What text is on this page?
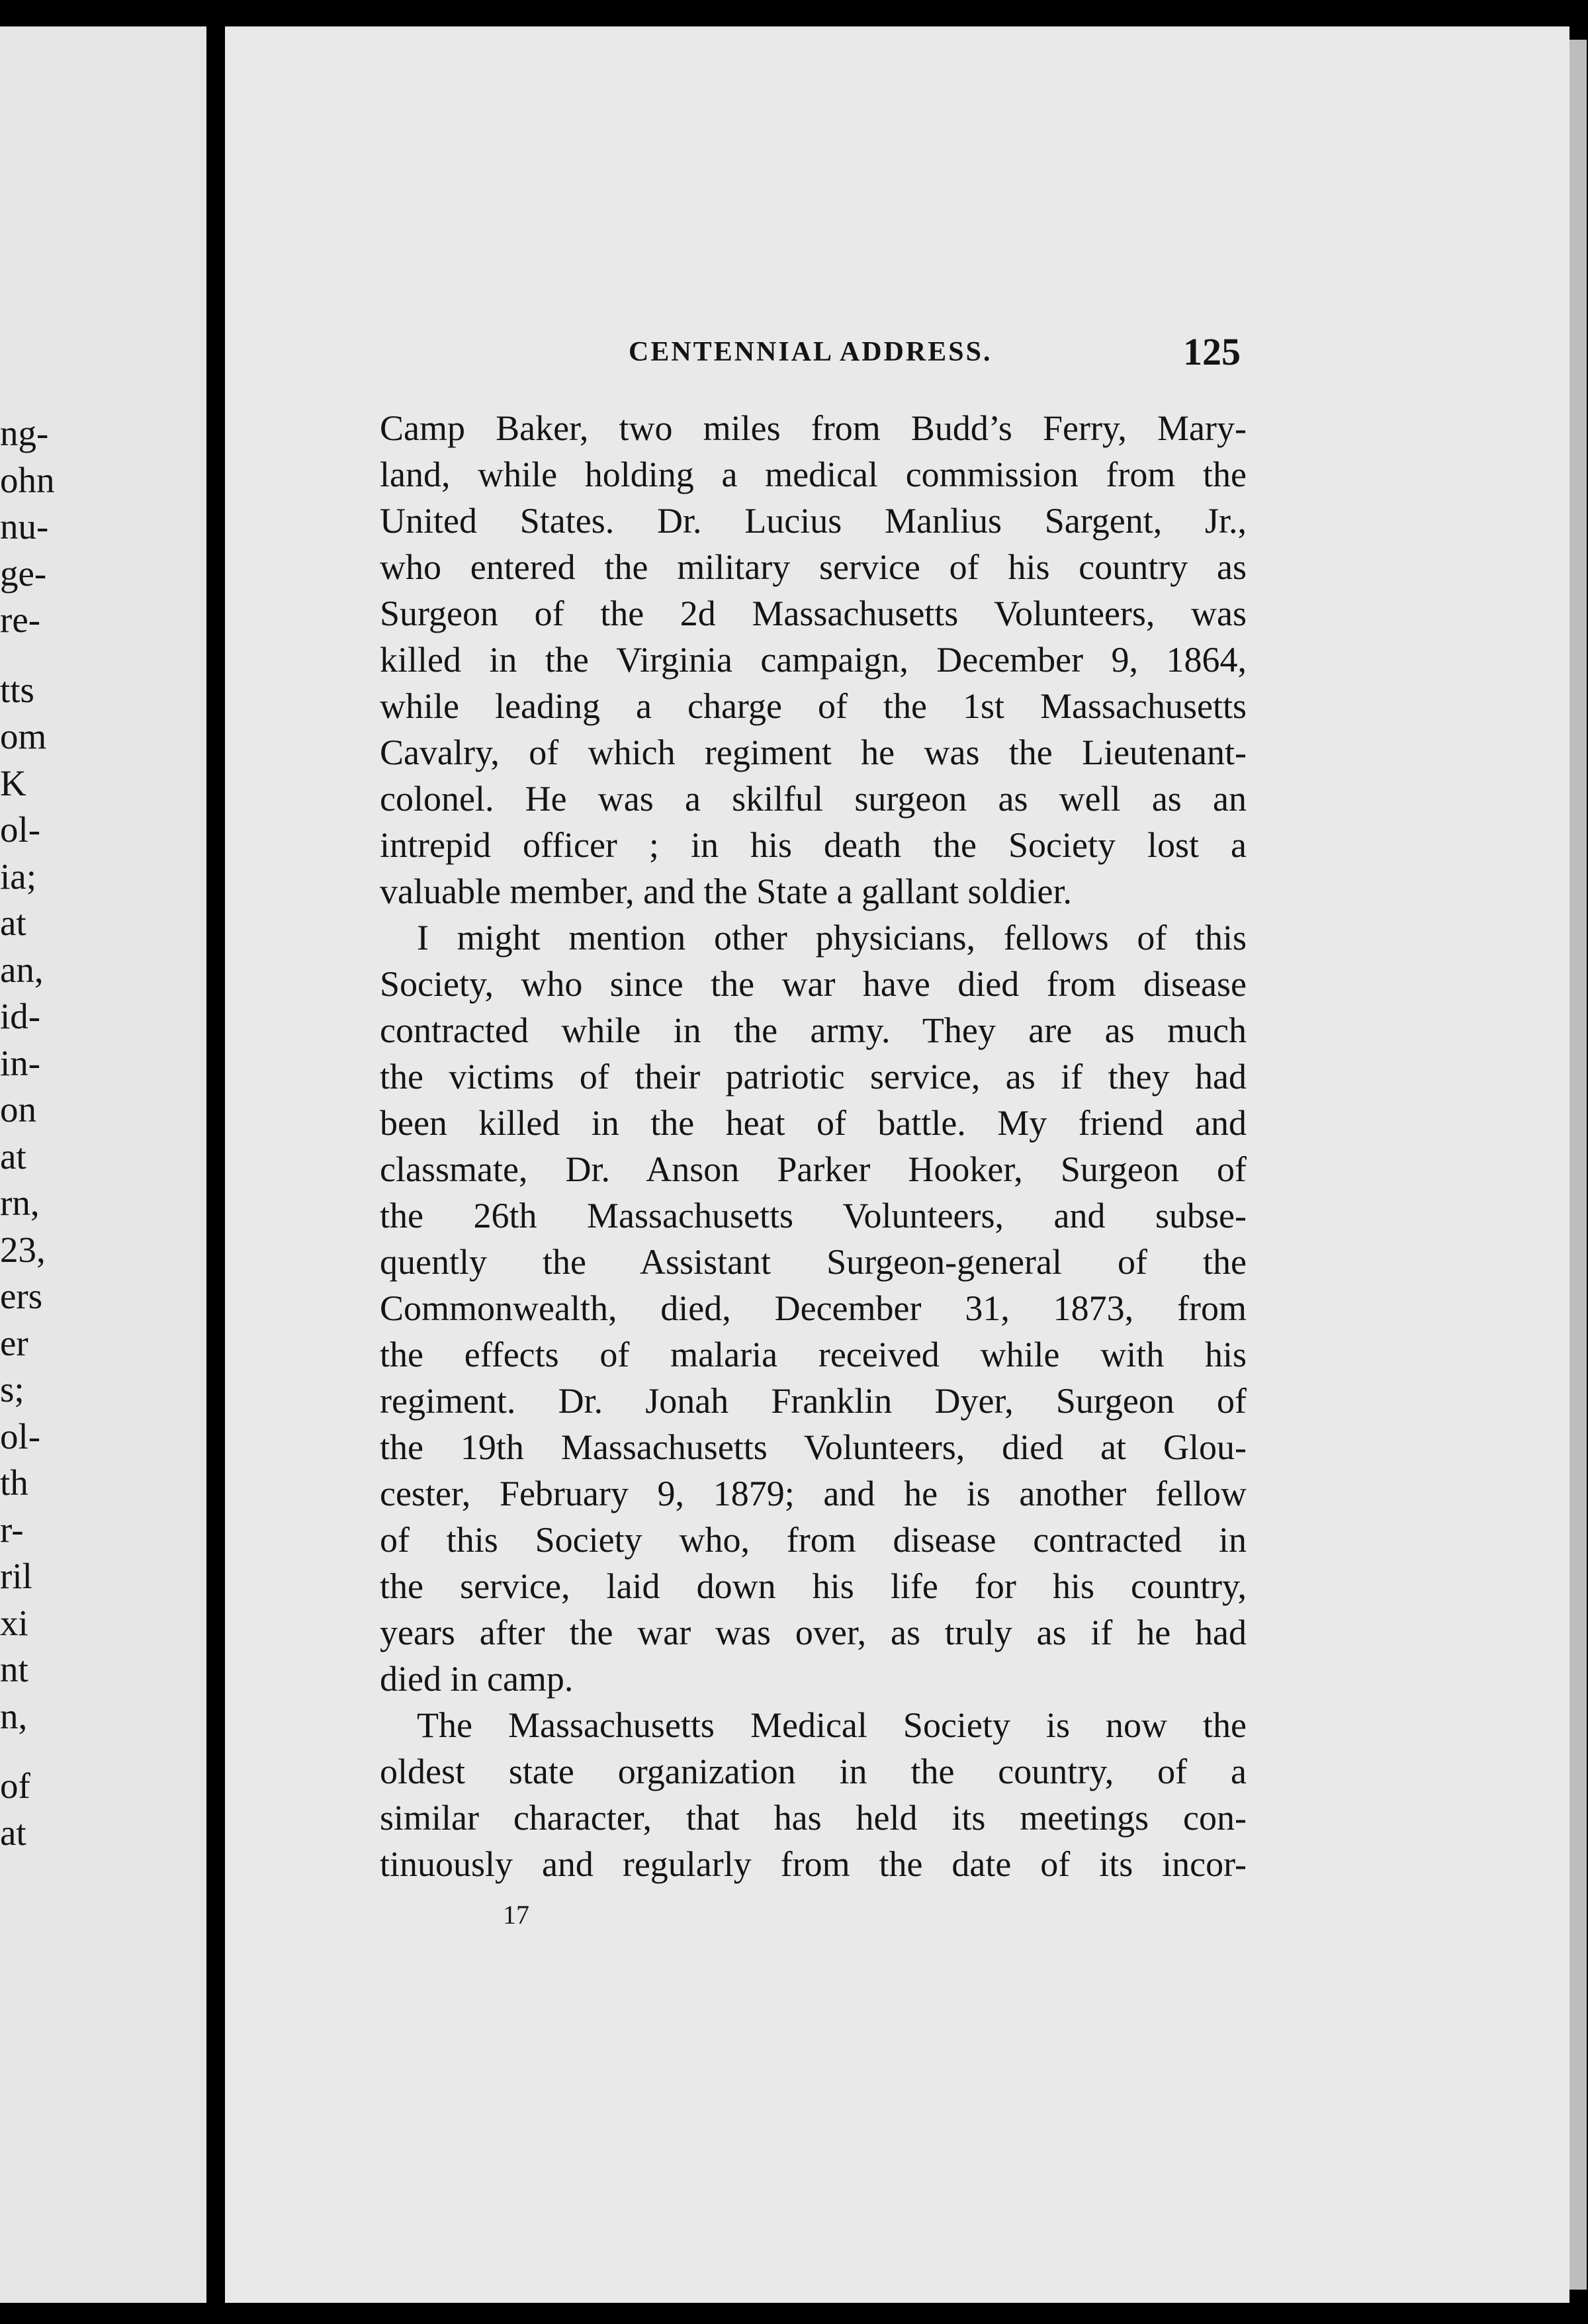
ng-
ohn
nu-
ge-
re-
tts
om
K
ol-
ia;
at
an,
id-
in-
on
at
rn,
23,
ers
er
s;
ol-
th
r-
ril
xi
nt
n,
of
at
CENTENNIAL ADDRESS.	125
Camp Baker, two miles from Budd’s Ferry, Mary-
land, while holding a medical commission from the
United States. Dr. Lucius Manlius Sargent, Jr.,
who entered the military service of his country as
Surgeon of the 2d Massachusetts Volunteers, was
killed in the Virginia campaign, December 9, 1864,
while leading a charge of the 1st Massachusetts
Cavalry, of which regiment he was the Lieutenant-
colonel. He was a skilful surgeon as well as an
intrepid officer ; in his death the Society lost a
valuable member, and the State a gallant soldier.
I might mention other physicians, fellows of this
Society, who since the war have died from disease
contracted while in the army. They are as much
the victims of their patriotic service, as if they had
been killed in the heat of battle. My friend and
classmate, Dr. Anson Parker Hooker, Surgeon of
the 26th Massachusetts Volunteers, and subse-
quently the Assistant Surgeon-general of the
Commonwealth, died, December 31, 1873, from
the effects of malaria received while with his
regiment. Dr. Jonah Franklin Dyer, Surgeon of
the 19th Massachusetts Volunteers, died at Glou-
cester, February 9, 1879; and he is another fellow
of this Society who, from disease contracted in
the service, laid down his life for his country,
years after the war was over, as truly as if he had
died in camp.
The Massachusetts Medical Society is now the
oldest state organization in the country, of a
similar character, that has held its meetings con-
tinuously and regularly from the date of its incor-
17
